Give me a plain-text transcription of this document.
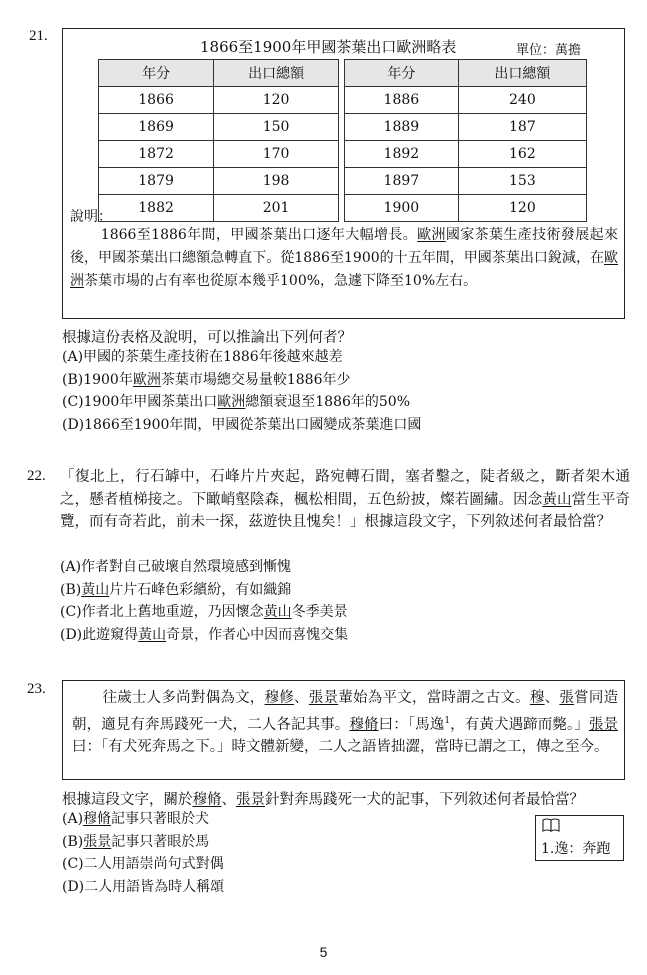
21.
1866至1900年甲國茶葉出口歐洲略表	單位：萬擔
年分	出口總額
1866	120
1869	150
1872	170
1879	198
1882	201
年分	出口總額
1886	240
1889	187
1892	162
1897	153
1900	120
說明：

1866至1886年間，甲國茶葉出口逐年大幅增長。歐洲國家茶葉生產技術發展起來後，甲國茶葉出口總額急轉直下。從1886至1900的十五年間，甲國茶葉出口銳減，在歐洲茶葉市場的占有率也從原本幾乎100%，急遽下降至10%左右。

根據這份表格及說明，可以推論出下列何者？
(A)甲國的茶葉生產技術在1886年後越來越差
(B)1900年歐洲茶葉市場總交易量較1886年少
(C)1900年甲國茶葉出口歐洲總額衰退至1886年的50%
(D)1866至1900年間，甲國從茶葉出口國變成茶葉進口國
22. 「復北上，行石罅中，石峰片片夾起，路宛轉石間，塞者鑿之，陡者級之，斷者架木通之，懸者植梯接之。下瞰峭壑陰森，楓松相間，五色紛披，燦若圖繡。因念黃山當生平奇覽，而有奇若此，前未一探，茲遊快且愧矣！」根據這段文字，下列敘述何者最恰當？
(A)作者對自己破壞自然環境感到慚愧
(B)黃山片片石峰色彩繽紛，有如織錦
(C)作者北上舊地重遊，乃因懷念黃山冬季美景
(D)此遊窺得黃山奇景，作者心中因而喜愧交集
23.

往歲士人多尚對偶為文，穆修、張景輩始為平文，當時謂之古文。穆、張嘗同造朝，適見有奔馬踐死一犬，二人各記其事。穆脩曰：「馬逸$^1$，有黃犬遇蹄而斃。」張景曰：「有犬死奔馬之下。」時文體新變，二人之語皆拙澀，當時已謂之工，傳之至今。

根據這段文字，關於穆脩、張景針對奔馬踐死一犬的記事，下列敘述何者最恰當？
(A)穆脩記事只著眼於犬
(B)張景記事只著眼於馬
(C)二人用語崇尚句式對偶
(D)二人用語皆為時人稱頌
1.逸：奔跑
5
